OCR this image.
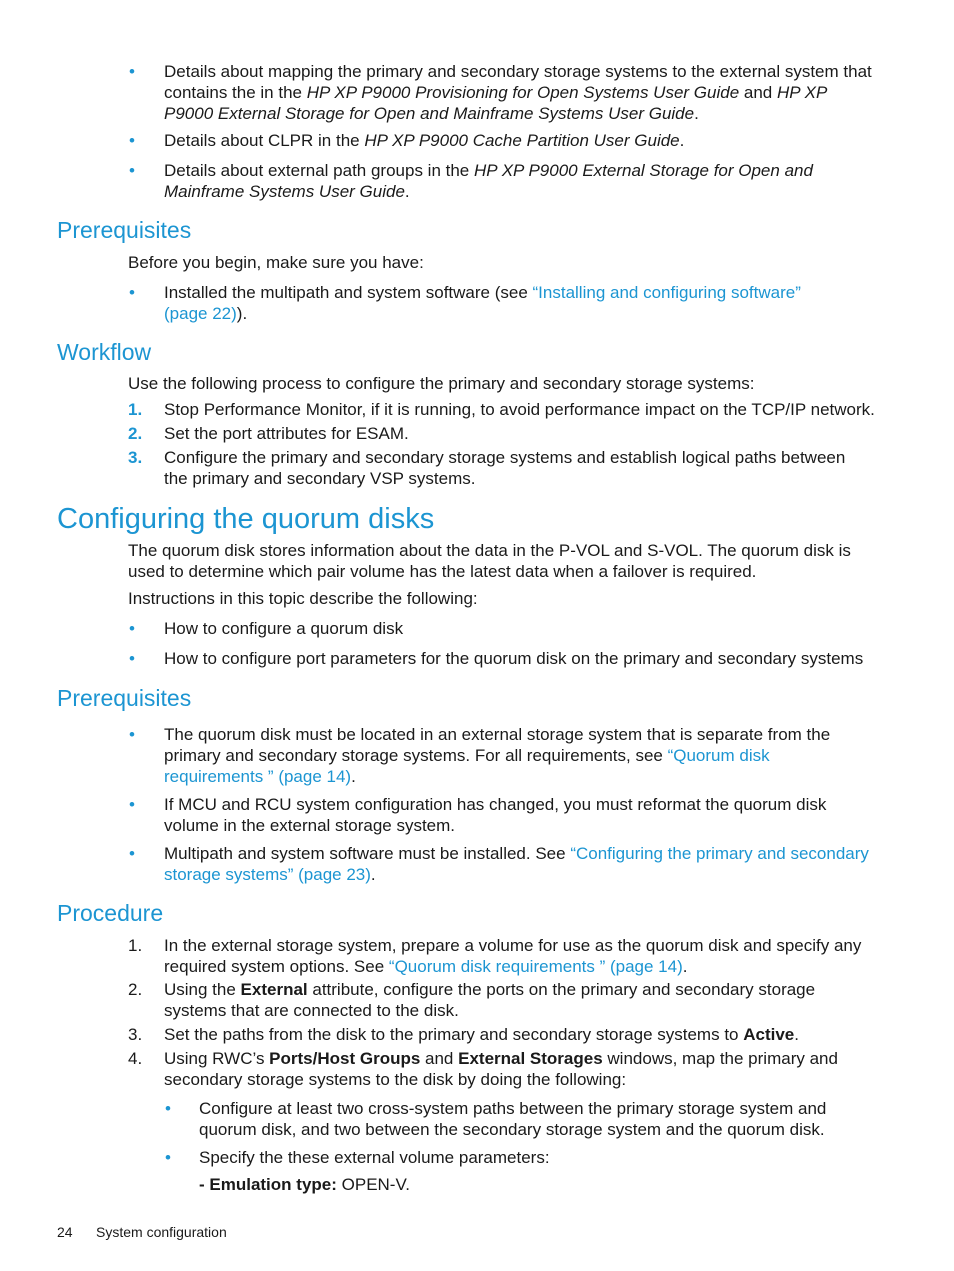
• Details about mapping the primary and secondary storage systems to the external system that contains the in the HP XP P9000 Provisioning for Open Systems User Guide and HP XP P9000 External Storage for Open and Mainframe Systems User Guide.
• Details about CLPR in the HP XP P9000 Cache Partition User Guide.
• Details about external path groups in the HP XP P9000 External Storage for Open and Mainframe Systems User Guide.
Prerequisites
Before you begin, make sure you have:
• Installed the multipath and system software (see “Installing and configuring software” (page 22)).
Workflow
Use the following process to configure the primary and secondary storage systems:
1. Stop Performance Monitor, if it is running, to avoid performance impact on the TCP/IP network.
2. Set the port attributes for ESAM.
3. Configure the primary and secondary storage systems and establish logical paths between the primary and secondary VSP systems.
Configuring the quorum disks
The quorum disk stores information about the data in the P-VOL and S-VOL. The quorum disk is used to determine which pair volume has the latest data when a failover is required.
Instructions in this topic describe the following:
• How to configure a quorum disk
• How to configure port parameters for the quorum disk on the primary and secondary systems
Prerequisites
• The quorum disk must be located in an external storage system that is separate from the primary and secondary storage systems. For all requirements, see “Quorum disk requirements ” (page 14).
• If MCU and RCU system configuration has changed, you must reformat the quorum disk volume in the external storage system.
• Multipath and system software must be installed. See “Configuring the primary and secondary storage systems” (page 23).
Procedure
1. In the external storage system, prepare a volume for use as the quorum disk and specify any required system options. See “Quorum disk requirements ” (page 14).
2. Using the External attribute, configure the ports on the primary and secondary storage systems that are connected to the disk.
3. Set the paths from the disk to the primary and secondary storage systems to Active.
4. Using RWC’s Ports/Host Groups and External Storages windows, map the primary and secondary storage systems to the disk by doing the following:
• Configure at least two cross-system paths between the primary storage system and quorum disk, and two between the secondary storage system and the quorum disk.
• Specify the these external volume parameters:
- Emulation type: OPEN-V.
24 System configuration
